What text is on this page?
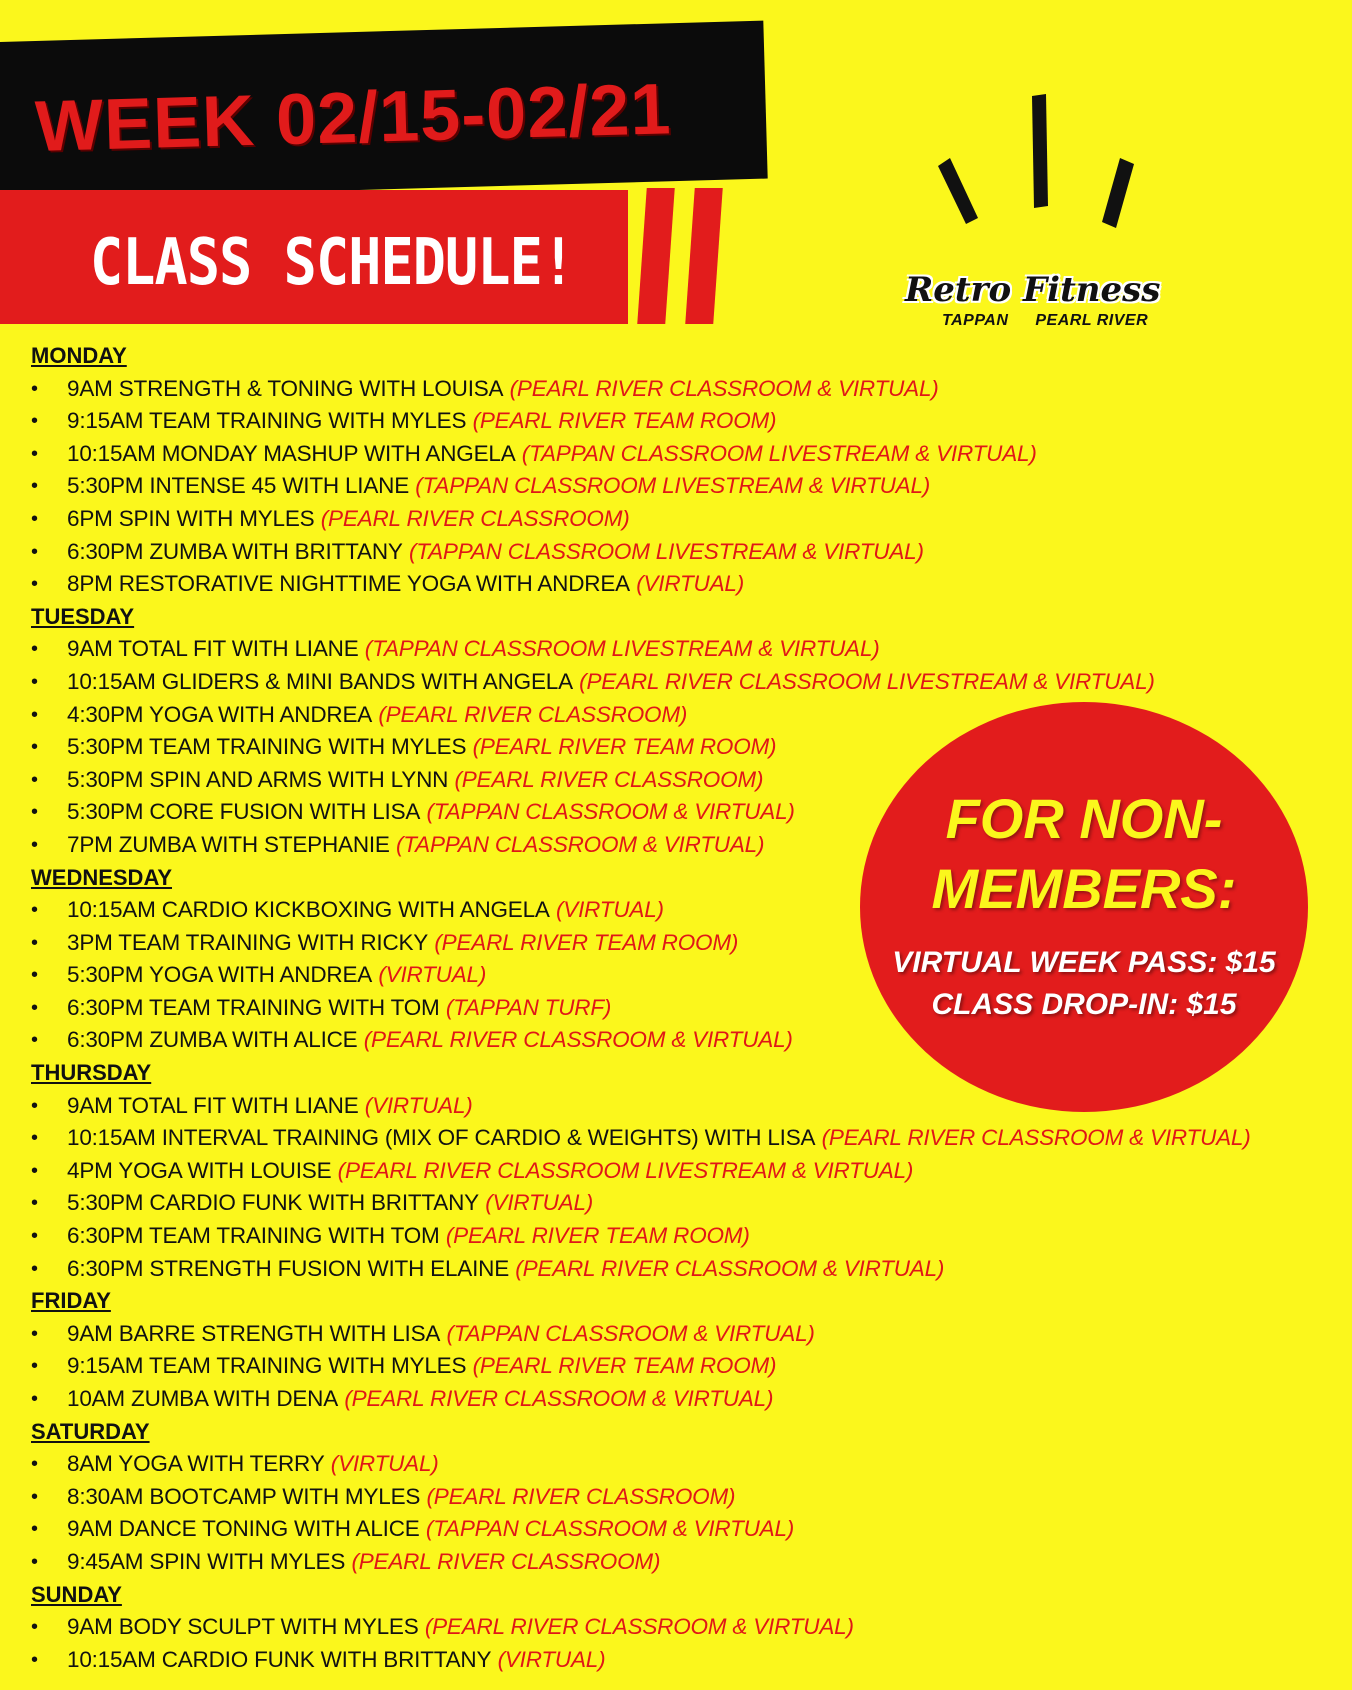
WEEK 02/15-02/21
CLASS SCHEDULE!	Retro Fitness
TAPPAN PEARL RIVER
MONDAY
• 9AM STRENGTH & TONING WITH LOUISA (PEARL RIVER CLASSROOM & VIRTUAL)
• 9:15AM TEAM TRAINING WITH MYLES (PEARL RIVER TEAM ROOM)
• 10:15AM MONDAY MASHUP WITH ANGELA (TAPPAN CLASSROOM LIVESTREAM & VIRTUAL)
• 5:30PM INTENSE 45 WITH LIANE (TAPPAN CLASSROOM LIVESTREAM & VIRTUAL)
• 6PM SPIN WITH MYLES (PEARL RIVER CLASSROOM)
• 6:30PM ZUMBA WITH BRITTANY (TAPPAN CLASSROOM LIVESTREAM & VIRTUAL)
• 8PM RESTORATIVE NIGHTTIME YOGA WITH ANDREA (VIRTUAL)
TUESDAY
• 9AM TOTAL FIT WITH LIANE (TAPPAN CLASSROOM LIVESTREAM & VIRTUAL)
• 10:15AM GLIDERS & MINI BANDS WITH ANGELA (PEARL RIVER CLASSROOM LIVESTREAM & VIRTUAL)
• 4:30PM YOGA WITH ANDREA (PEARL RIVER CLASSROOM)
• 5:30PM TEAM TRAINING WITH MYLES (PEARL RIVER TEAM ROOM)
• 5:30PM SPIN AND ARMS WITH LYNN (PEARL RIVER CLASSROOM)
• 5:30PM CORE FUSION WITH LISA (TAPPAN CLASSROOM & VIRTUAL)
• 7PM ZUMBA WITH STEPHANIE (TAPPAN CLASSROOM & VIRTUAL)
WEDNESDAY
• 10:15AM CARDIO KICKBOXING WITH ANGELA (VIRTUAL)
• 3PM TEAM TRAINING WITH RICKY (PEARL RIVER TEAM ROOM)
• 5:30PM YOGA WITH ANDREA (VIRTUAL)
• 6:30PM TEAM TRAINING WITH TOM (TAPPAN TURF)
• 6:30PM ZUMBA WITH ALICE (PEARL RIVER CLASSROOM & VIRTUAL)
THURSDAY
• 9AM TOTAL FIT WITH LIANE (VIRTUAL)
• 10:15AM INTERVAL TRAINING (MIX OF CARDIO & WEIGHTS) WITH LISA (PEARL RIVER CLASSROOM & VIRTUAL)
• 4PM YOGA WITH LOUISE (PEARL RIVER CLASSROOM LIVESTREAM & VIRTUAL)
• 5:30PM CARDIO FUNK WITH BRITTANY (VIRTUAL)
• 6:30PM TEAM TRAINING WITH TOM (PEARL RIVER TEAM ROOM)
• 6:30PM STRENGTH FUSION WITH ELAINE (PEARL RIVER CLASSROOM & VIRTUAL)
FRIDAY
• 9AM BARRE STRENGTH WITH LISA (TAPPAN CLASSROOM & VIRTUAL)
• 9:15AM TEAM TRAINING WITH MYLES (PEARL RIVER TEAM ROOM)
• 10AM ZUMBA WITH DENA (PEARL RIVER CLASSROOM & VIRTUAL)
SATURDAY
• 8AM YOGA WITH TERRY (VIRTUAL)
• 8:30AM BOOTCAMP WITH MYLES (PEARL RIVER CLASSROOM)
• 9AM DANCE TONING WITH ALICE (TAPPAN CLASSROOM & VIRTUAL)
• 9:45AM SPIN WITH MYLES (PEARL RIVER CLASSROOM)
SUNDAY
• 9AM BODY SCULPT WITH MYLES (PEARL RIVER CLASSROOM & VIRTUAL)
• 10:15AM CARDIO FUNK WITH BRITTANY (VIRTUAL)
FOR NON-
MEMBERS:
VIRTUAL WEEK PASS: $15
CLASS DROP-IN: $15
